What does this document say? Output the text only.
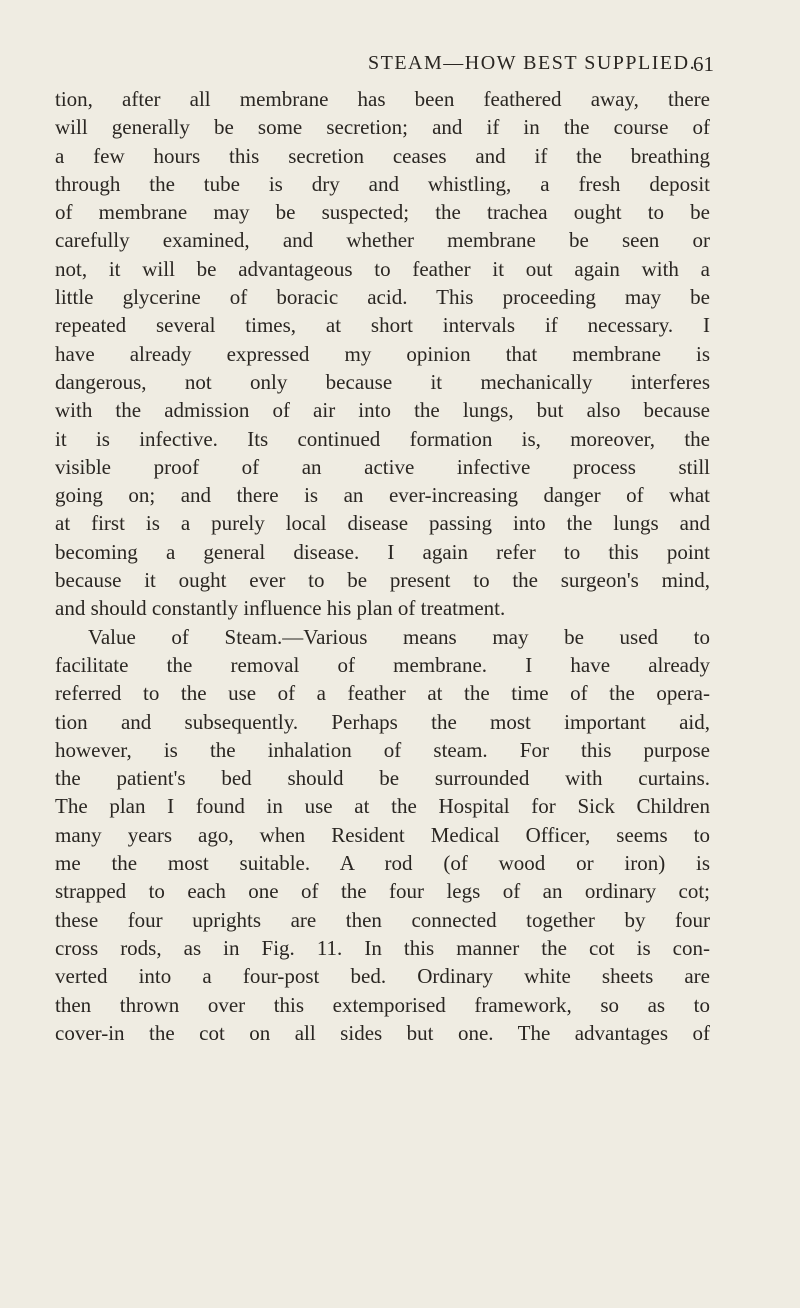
STEAM—HOW BEST SUPPLIED.
61
tion, after all membrane has been feathered away, there
will generally be some secretion; and if in the course of
a few hours this secretion ceases and if the breathing
through the tube is dry and whistling, a fresh deposit
of membrane may be suspected; the trachea ought to be
carefully examined, and whether membrane be seen or
not, it will be advantageous to feather it out again with a
little glycerine of boracic acid. This proceeding may be
repeated several times, at short intervals if necessary. I
have already expressed my opinion that membrane is
dangerous, not only because it mechanically interferes
with the admission of air into the lungs, but also because
it is infective. Its continued formation is, moreover, the
visible proof of an active infective process still
going on; and there is an ever-increasing danger of what
at first is a purely local disease passing into the lungs and
becoming a general disease. I again refer to this point
because it ought ever to be present to the surgeon's mind,
and should constantly influence his plan of treatment.
Value of Steam.—Various means may be used to
facilitate the removal of membrane. I have already
referred to the use of a feather at the time of the opera-
tion and subsequently. Perhaps the most important aid,
however, is the inhalation of steam. For this purpose
the patient's bed should be surrounded with curtains.
The plan I found in use at the Hospital for Sick Children
many years ago, when Resident Medical Officer, seems to
me the most suitable. A rod (of wood or iron) is
strapped to each one of the four legs of an ordinary cot;
these four uprights are then connected together by four
cross rods, as in Fig. 11. In this manner the cot is con-
verted into a four-post bed. Ordinary white sheets are
then thrown over this extemporised framework, so as to
cover-in the cot on all sides but one. The advantages of
